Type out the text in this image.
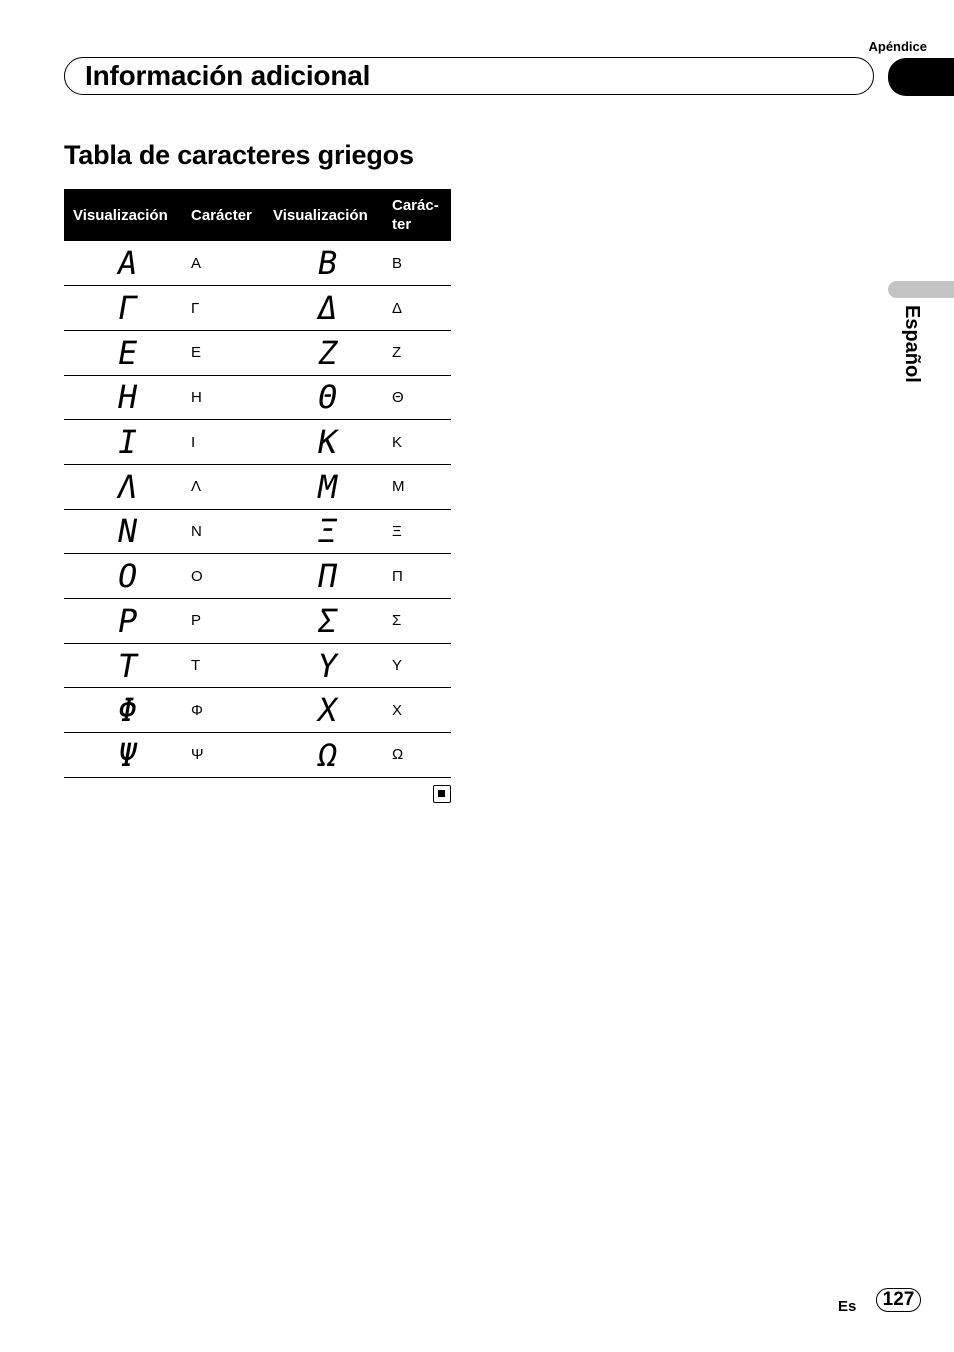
Apéndice
Información adicional
Español
Tabla de caracteres griegos
Visualización	Carácter	Visualización	Carác-
ter
A	Α	B	Β
Γ	Γ	Δ	Δ
E	Ε	Z	Ζ
H	Η	Θ	Θ
I	Ι	K	Κ
Λ	Λ	M	Μ
N	Ν	Ξ	Ξ
O	Ο	Π	Π
P	Ρ	Σ	Σ
T	Τ	Y	Υ
Φ	Φ	X	Χ
Ψ	Ψ	Ω	Ω
Es	127
